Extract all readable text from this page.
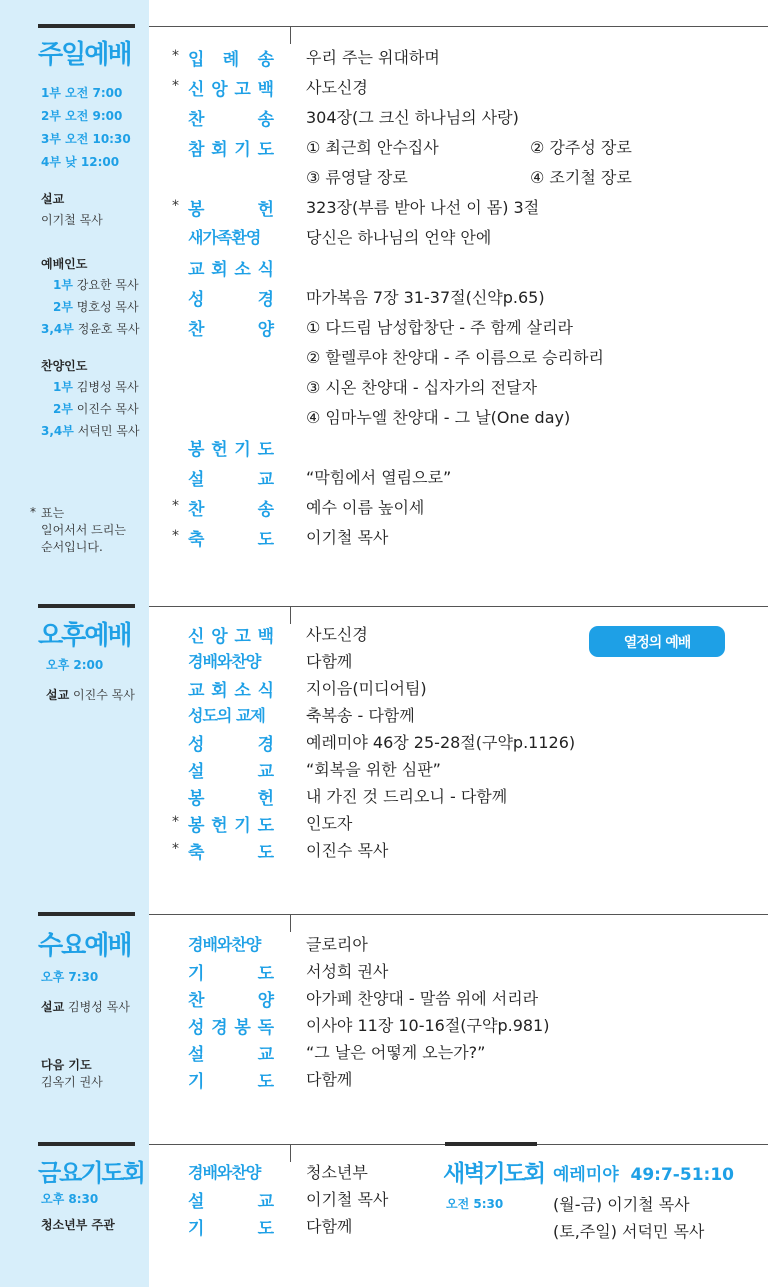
주일예배
1부 오전 7:00
2부 오전 9:00
3부 오전 10:30
4부 낮 12:00
설교
이기철 목사
예배인도
1부 강요한 목사
2부 명호성 목사
3,4부 정윤호 목사
찬양인도
1부 김병성 목사
2부 이진수 목사
3,4부 서덕민 목사
* 표는
일어서서 드리는
순서입니다.
* 입 례 송 우리 주는 위대하며
* 신 앙 고 백 사도신경
찬	송 304장(그 크신 하나님의 사랑)
참 회 기 도 ① 최근희 안수집사	② 강주성 장로
③ 류영달 장로	④ 조기철 장로
* 봉	헌 323장(부름 받아 나선 이 몸) 3절
새가족환영	당신은 하나님의 언약 안에
교 회 소 식
성	경 마가복음 7장 31-37절(신약p.65)
찬	양 ① 다드림 남성합창단 - 주 함께 살리라
② 할렐루야 찬양대 - 주 이름으로 승리하리
③ 시온 찬양대 - 십자가의 전달자
④ 임마누엘 찬양대 - 그 날(One day)
봉 헌 기 도
설	교 “막힘에서 열림으로”
* 찬	송 예수 이름 높이세
* 축	도 이기철 목사
오후예배
오후 2:00
설교 이진수 목사
열정의 예배
신 앙 고 백 사도신경
경배와찬양	다함께
교 회 소 식 지이음(미디어팀)
성도의 교제	축복송 - 다함께
성	경 예레미야 46장 25-28절(구약p.1126)
설	교 “회복을 위한 심판”
봉	헌 내 가진 것 드리오니 - 다함께
* 봉 헌 기 도 인도자
* 축	도 이진수 목사
수요예배
오후 7:30
설교 김병성 목사
다음 기도
김옥기 권사
경배와찬양	글로리아
기	도 서성희 권사
찬	양 아가페 찬양대 - 말씀 위에 서리라
성 경 봉 독 이사야 11장 10-16절(구약p.981)
설	교 “그 날은 어떻게 오는가?”
기	도 다함께
금요기도회
오후 8:30
청소년부 주관
경배와찬양	청소년부
설	교 이기철 목사
기	도 다함께
새벽기도회
오전 5:30
예레미야  49:7-51:10
(월-금) 이기철 목사
(토,주일) 서덕민 목사
